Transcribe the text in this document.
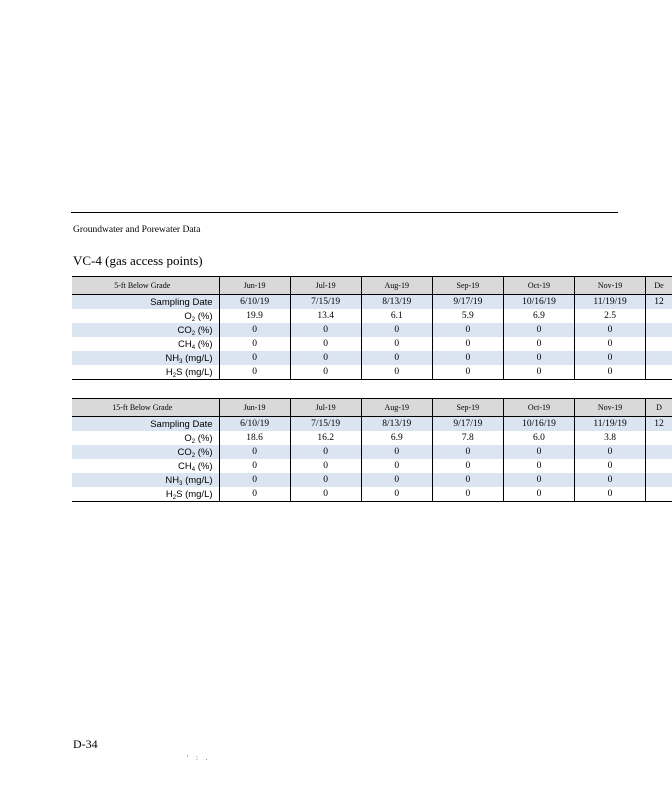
Groundwater and Porewater Data
VC-4 (gas access points)
5-ft Below Grade	Jun-19	Jul-19	Aug-19	Sep-19	Oct-19	Nov-19	De
Sampling Date	6/10/19	7/15/19	8/13/19	9/17/19	10/16/19	11/19/19	12
$O_2$ (%)	19.9	13.4	6.1	5.9	6.9	2.5	
$CO_2$ (%)	0	0	0	0	0	0	
$CH_4$ (%)	0	0	0	0	0	0	
$NH_3$ (mg/L)	0	0	0	0	0	0	
$H_2S$ (mg/L)	0	0	0	0	0	0	
15-ft Below Grade	Jun-19	Jul-19	Aug-19	Sep-19	Oct-19	Nov-19	D
Sampling Date	6/10/19	7/15/19	8/13/19	9/17/19	10/16/19	11/19/19	12
$O_2$ (%)	18.6	16.2	6.9	7.8	6.0	3.8	
$CO_2$ (%)	0	0	0	0	0	0	
$CH_4$ (%)	0	0	0	0	0	0	
$NH_3$ (mg/L)	0	0	0	0	0	0	
$H_2S$ (mg/L)	0	0	0	0	0	0	
D-34
' : .
